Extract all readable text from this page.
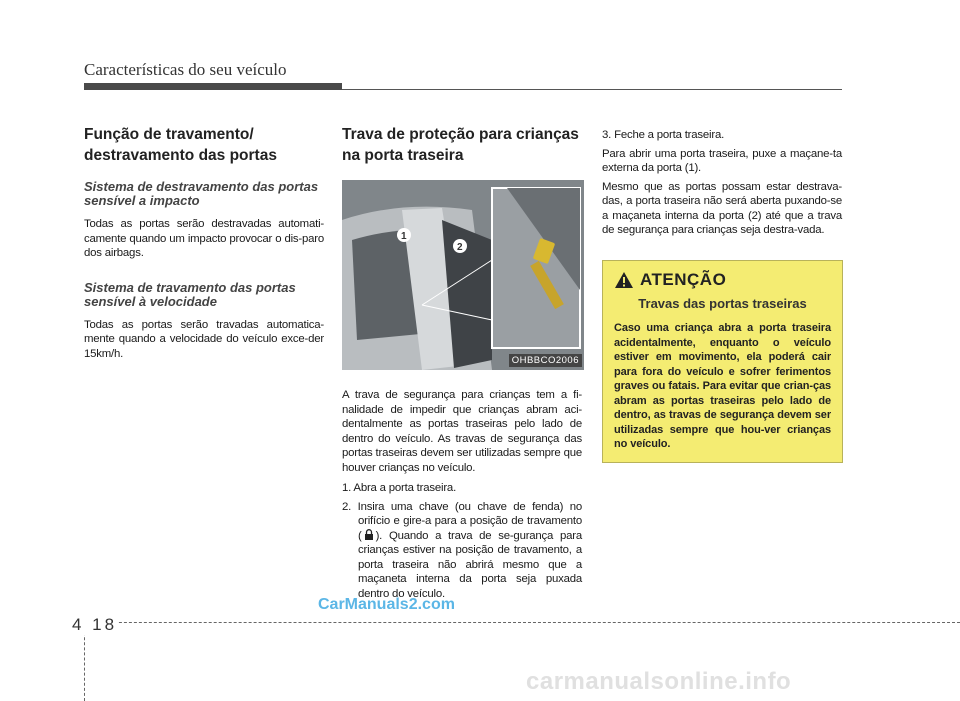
Características do seu veículo
Função de travamento/ destravamento das portas
Sistema de destravamento das portas sensível a impacto

Todas as portas serão destravadas automati-camente quando um impacto provocar o dis-paro dos airbags.

Sistema de travamento das portas sensível à velocidade

Todas as portas serão travadas automatica-mente quando a velocidade do veículo exce-der 15km/h.

Trava de proteção para crianças na porta traseira
1
2
OHBBCO2006

A trava de segurança para crianças tem a fi-nalidade de impedir que crianças abram aci-dentalmente as portas traseiras pelo lado de dentro do veículo. As travas de segurança das portas traseiras devem ser utilizadas sempre que houver crianças no veículo.

1. Abra a porta traseira.
2. Insira uma chave (ou chave de fenda) no orifício e gire-a para a posição de travamento ( ). Quando a trava de se-gurança para crianças estiver na posição de travamento, a porta traseira não abrirá mesmo que a maçaneta interna da porta seja puxada dentro do veículo.

3. Feche a porta traseira.

Para abrir uma porta traseira, puxe a maçane-ta externa da porta (1).

Mesmo que as portas possam estar destrava-das, a porta traseira não será aberta puxando-se a maçaneta interna da porta (2) até que a trava de segurança para crianças seja destra-vada.

ATENÇÃO
Travas das portas traseiras
Caso uma criança abra a porta traseira acidentalmente, enquanto o veículo estiver em movimento, ela poderá cair para fora do veículo e sofrer ferimentos graves ou fatais. Para evitar que crian-ças abram as portas traseiras pelo lado de dentro, as travas de segurança devem ser utilizadas sempre que hou-ver crianças no veículo.
CarManuals2.com
4 18
carmanualsonline.info
